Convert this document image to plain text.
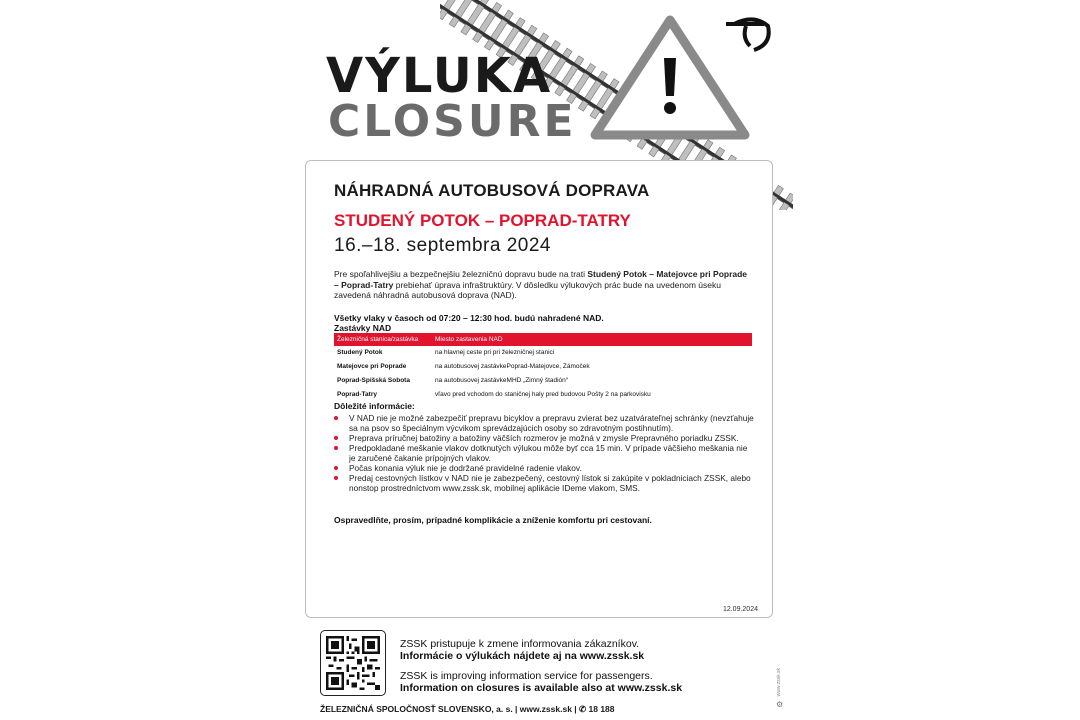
VÝLUKA
CLOSURE
NÁHRADNÁ AUTOBUSOVÁ DOPRAVA
STUDENÝ POTOK – POPRAD-TATRY
16.–18. septembra 2024
Pre spoľahlivejšiu a bezpečnejšiu železničnú dopravu bude na trati Studený Potok – Matejovce pri Poprade – Poprad-Tatry prebiehať úprava infraštruktúry. V dôsledku výlukových prác bude na uvedenom úseku zavedená náhradná autobusová doprava (NAD).
Všetky vlaky v časoch od 07:20 – 12:30 hod. budú nahradené NAD.
Zastávky NAD
Železničná stanica/zastávka	Miesto zastavenia NAD
Studený Potok	na hlavnej ceste pri pri železničnej stanici
Matejovce pri Poprade	na autobusovej zastávkePoprad-Matejovce, Zámoček
Poprad-Spišská Sobota	na autobusovej zastávkeMHD „Zimný štadión“
Poprad-Tatry	vľavo pred vchodom do staničnej haly pred budovou Pošty 2 na parkovisku
Dôležité informácie:
V NAD nie je možné zabezpečiť prepravu bicyklov a prepravu zvierat bez uzatvárateľnej schránky (nevzťahuje sa na psov so špeciálnym výcvikom sprevádzajúcich osoby so zdravotným postihnutím).
Preprava príručnej batožiny a batožiny väčších rozmerov je možná v zmysle Prepravného poriadku ZSSK.
Predpokladané meškanie vlakov dotknutých výlukou môže byť cca 15 min. V prípade väčšieho meškania nie je zaručené čakanie prípojných vlakov.
Počas konania výluk nie je dodržané pravidelné radenie vlakov.
Predaj cestovných lístkov v NAD nie je zabezpečený, cestovný lístok si zakúpite v pokladniciach ZSSK, alebo nonstop prostredníctvom www.zssk.sk, mobilnej aplikácie IDeme vlakom, SMS.
Ospravedlňte, prosím, prípadné komplikácie a zníženie komfortu pri cestovaní.
12.09.2024
ZSSK pristupuje k zmene informovania zákazníkov.
Informácie o výlukách nájdete aj na www.zssk.sk
ZSSK is improving information service for passengers.
Information on closures is available also at www.zssk.sk
ŽELEZNIČNÁ SPOLOČNOSŤ SLOVENSKO, a. s. | www.zssk.sk | ✆ 18 188
www.zssk.sk
⚙
